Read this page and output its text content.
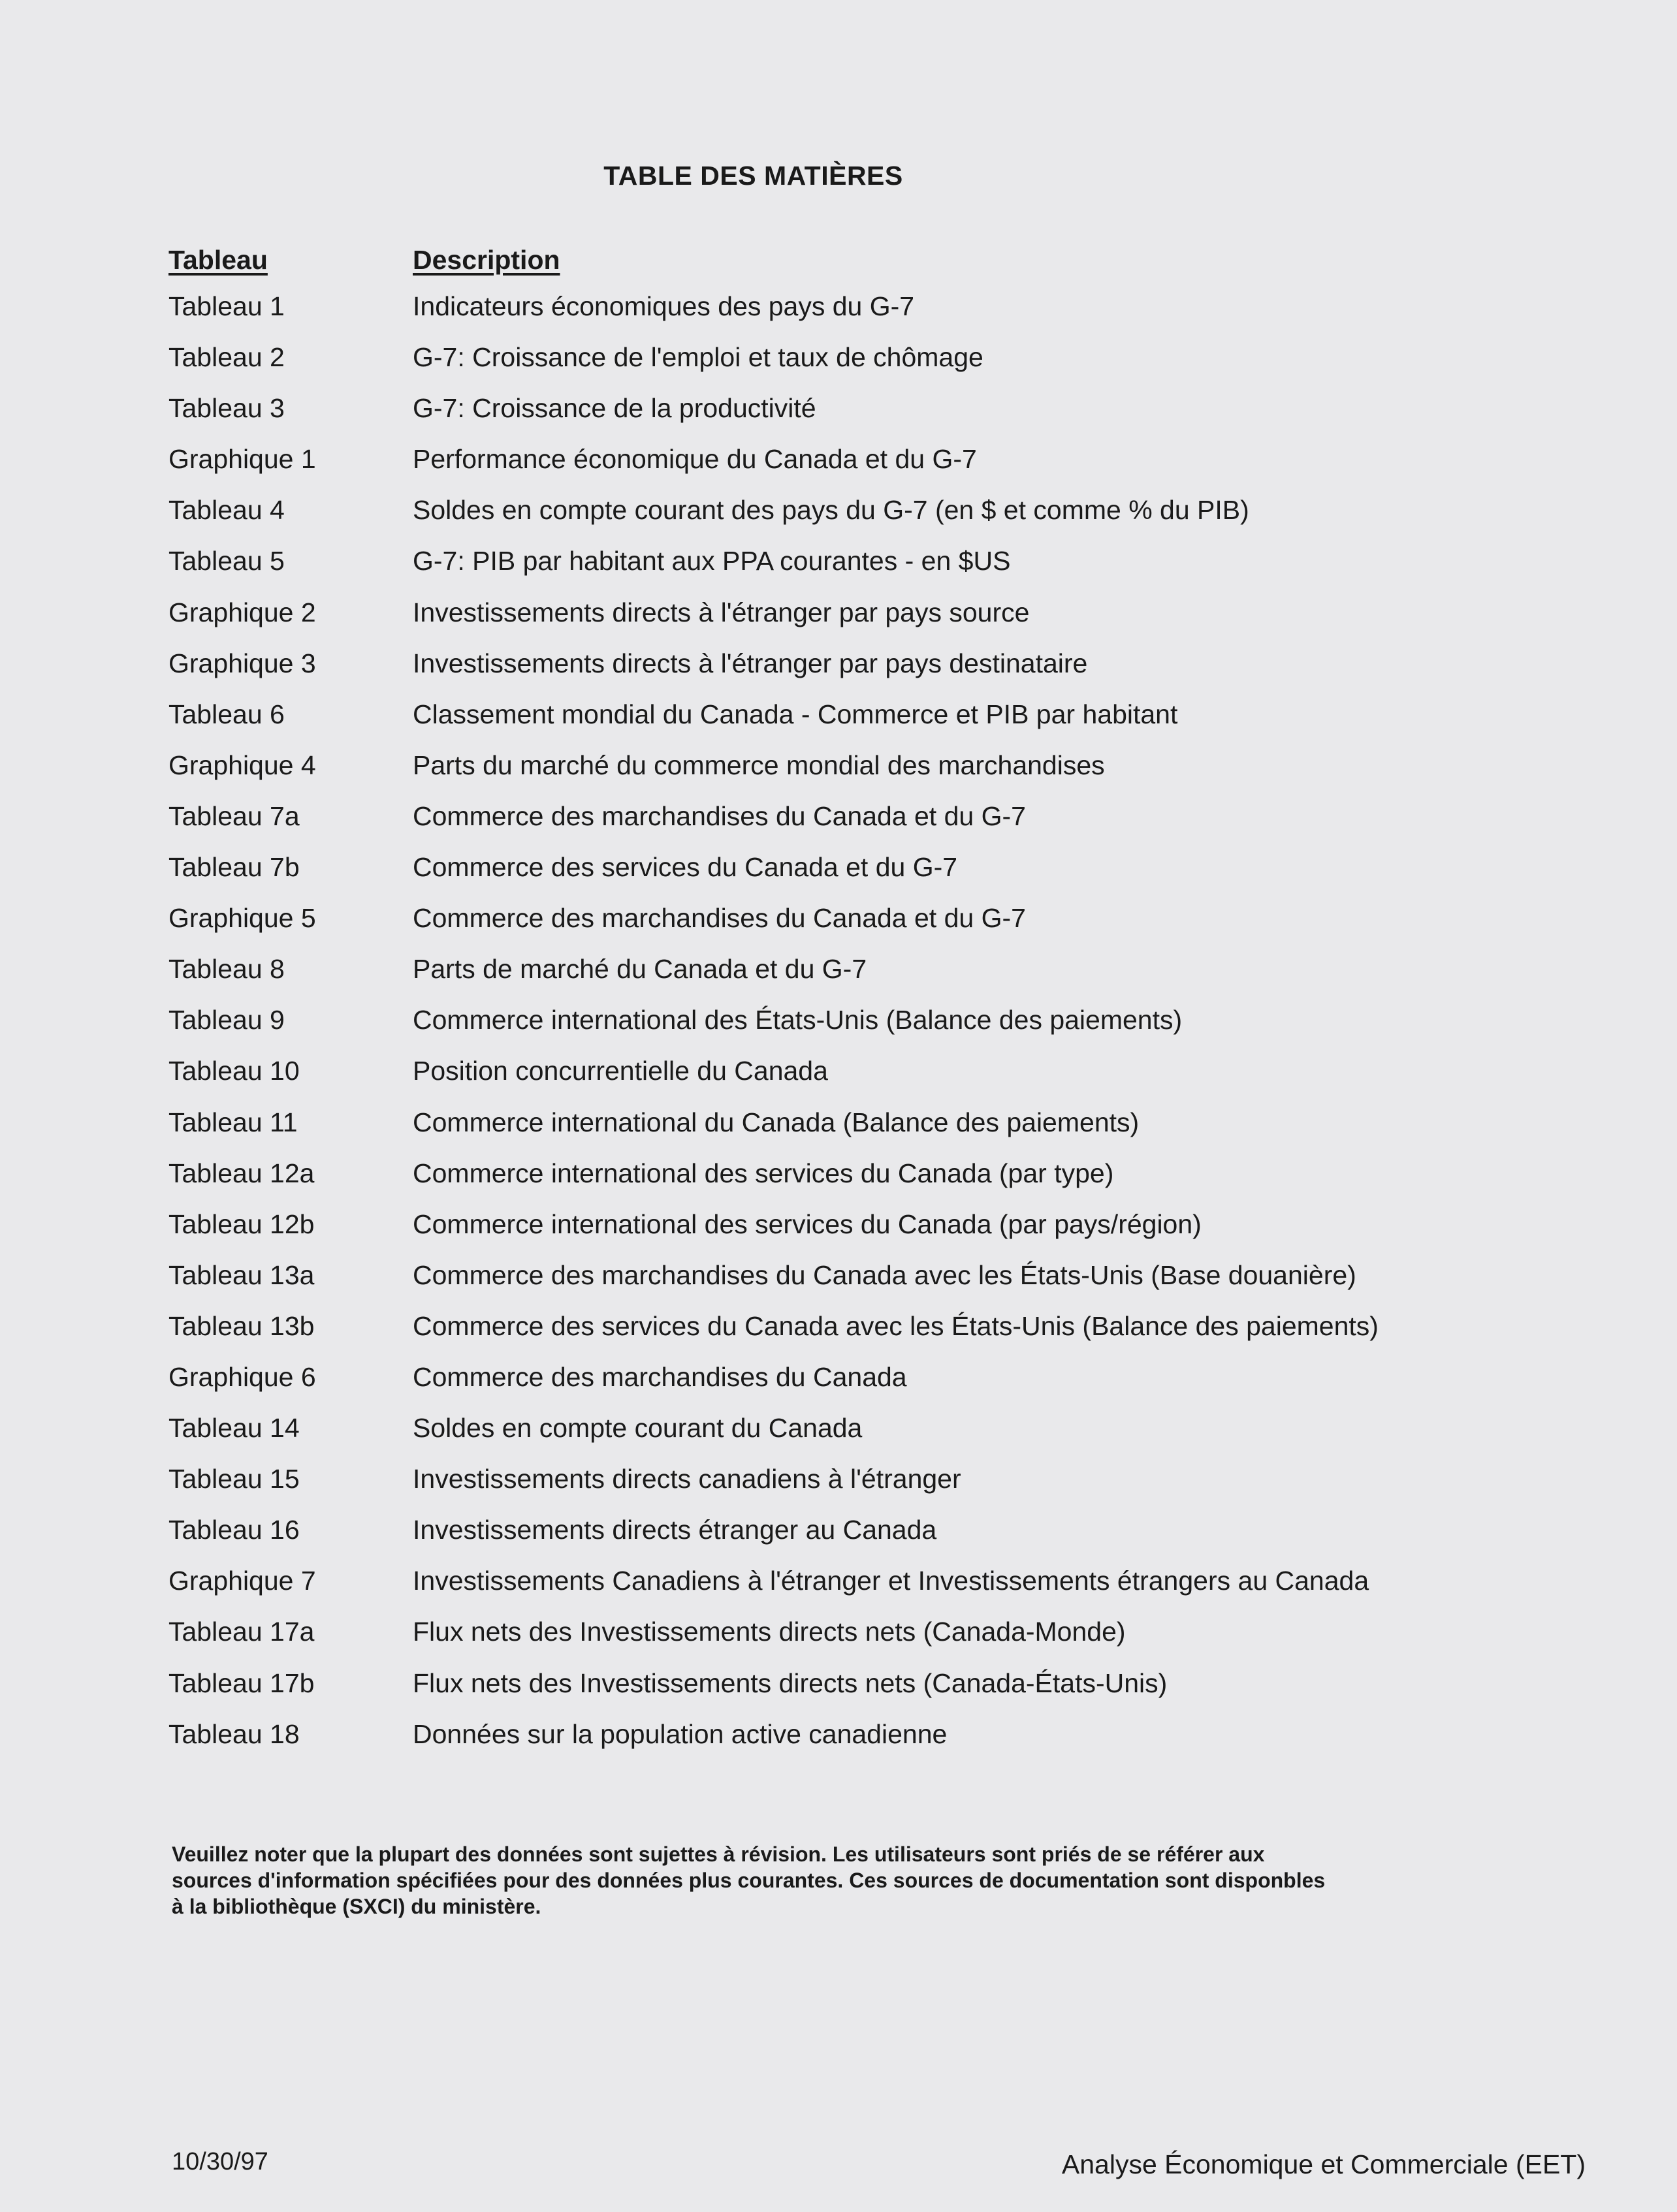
TABLE DES MATIÈRES
Tableau	Description
Tableau 1	Indicateurs économiques des pays du G-7
Tableau 2	G-7: Croissance de l'emploi et taux de chômage
Tableau 3	G-7: Croissance de la productivité
Graphique 1	Performance économique du Canada et du G-7
Tableau 4	Soldes en compte courant des pays du G-7 (en $ et comme % du PIB)
Tableau 5	G-7: PIB par habitant aux PPA courantes - en $US
Graphique 2	Investissements directs à l'étranger par pays source
Graphique 3	Investissements directs à l'étranger par pays destinataire
Tableau 6	Classement mondial du Canada - Commerce et PIB par habitant
Graphique 4	Parts du marché du commerce mondial des marchandises
Tableau 7a	Commerce des marchandises du Canada et du G-7
Tableau 7b	Commerce des services du Canada et du G-7
Graphique 5	Commerce des marchandises du Canada et du G-7
Tableau 8	Parts de marché du Canada et du G-7
Tableau 9	Commerce international des États-Unis (Balance des paiements)
Tableau 10	Position concurrentielle du Canada
Tableau 11	Commerce international du Canada (Balance des paiements)
Tableau 12a	Commerce international des services du Canada (par type)
Tableau 12b	Commerce international des services du Canada (par pays/région)
Tableau 13a	Commerce des marchandises du Canada avec les États-Unis (Base douanière)
Tableau 13b	Commerce des services du Canada avec les États-Unis (Balance des paiements)
Graphique 6	Commerce des marchandises du Canada
Tableau 14	Soldes en compte courant du Canada
Tableau 15	Investissements directs canadiens à l'étranger
Tableau 16	Investissements directs étranger au Canada
Graphique 7	Investissements Canadiens à l'étranger et Investissements étrangers au Canada
Tableau 17a	Flux nets des Investissements directs nets (Canada-Monde)
Tableau 17b	Flux nets des Investissements directs nets (Canada-États-Unis)
Tableau 18	Données sur la population active canadienne
Veuillez noter que la plupart des données sont sujettes à révision. Les utilisateurs sont priés de se référer aux
sources d'information spécifiées pour des données plus courantes. Ces sources de documentation sont disponbles
à la bibliothèque (SXCI) du ministère.
10/30/97	Analyse Économique et Commerciale (EET)
